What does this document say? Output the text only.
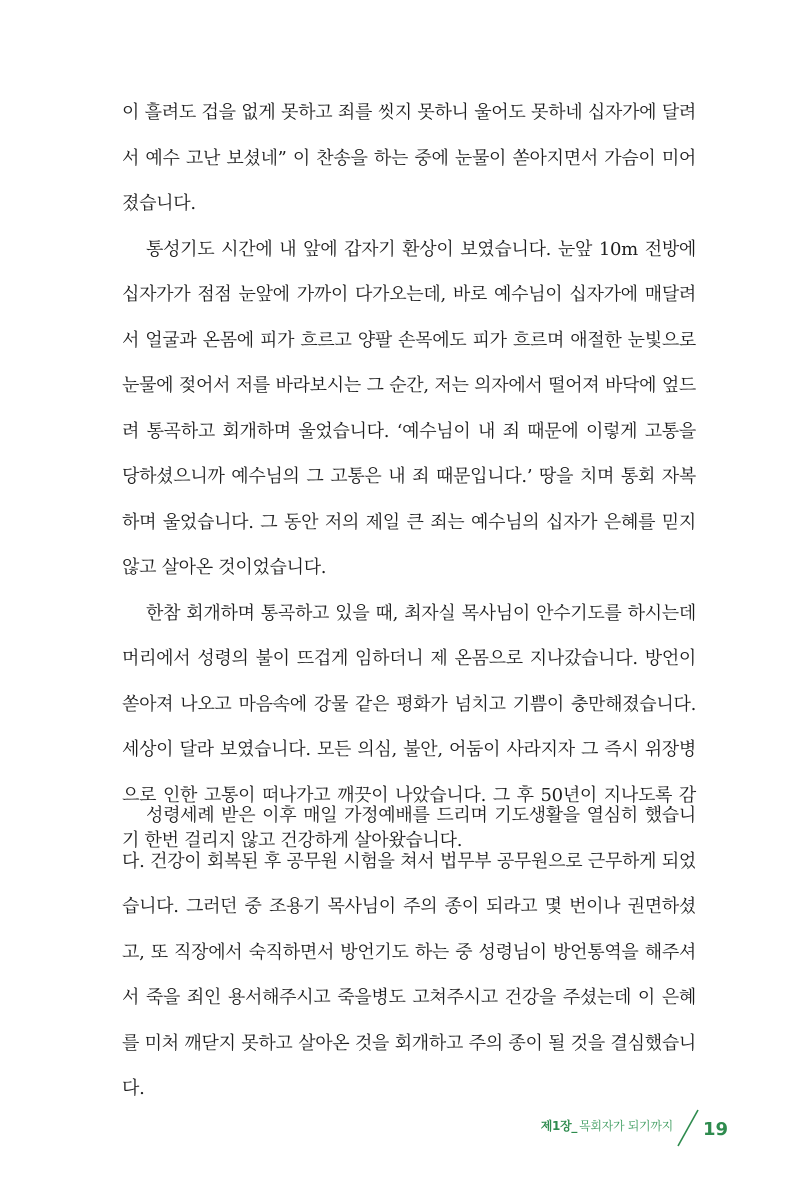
이 흘려도 겁을 없게 못하고 죄를 씻지 못하니 울어도 못하네 십자가에 달려서 예수 고난 보셨네” 이 찬송을 하는 중에 눈물이 쏟아지면서 가슴이 미어졌습니다.

통성기도 시간에 내 앞에 갑자기 환상이 보였습니다. 눈앞 10m 전방에 십자가가 점점 눈앞에 가까이 다가오는데, 바로 예수님이 십자가에 매달려서 얼굴과 온몸에 피가 흐르고 양팔 손목에도 피가 흐르며 애절한 눈빛으로 눈물에 젖어서 저를 바라보시는 그 순간, 저는 의자에서 떨어져 바닥에 엎드려 통곡하고 회개하며 울었습니다. ‘예수님이 내 죄 때문에 이렇게 고통을 당하셨으니까 예수님의 그 고통은 내 죄 때문입니다.’ 땅을 치며 통회 자복하며 울었습니다. 그 동안 저의 제일 큰 죄는 예수님의 십자가 은혜를 믿지 않고 살아온 것이었습니다.

한참 회개하며 통곡하고 있을 때, 최자실 목사님이 안수기도를 하시는데 머리에서 성령의 불이 뜨겁게 임하더니 제 온몸으로 지나갔습니다. 방언이 쏟아져 나오고 마음속에 강물 같은 평화가 넘치고 기쁨이 충만해졌습니다. 세상이 달라 보였습니다. 모든 의심, 불안, 어둠이 사라지자 그 즉시 위장병으로 인한 고통이 떠나가고 깨끗이 나았습니다. 그 후 50년이 지나도록 감기 한번 걸리지 않고 건강하게 살아왔습니다.

성령세례 받은 이후 매일 가정예배를 드리며 기도생활을 열심히 했습니다. 건강이 회복된 후 공무원 시험을 쳐서 법무부 공무원으로 근무하게 되었습니다. 그러던 중 조용기 목사님이 주의 종이 되라고 몇 번이나 권면하셨고, 또 직장에서 숙직하면서 방언기도 하는 중 성령님이 방언통역을 해주셔서 죽을 죄인 용서해주시고 죽을병도 고쳐주시고 건강을 주셨는데 이 은혜를 미처 깨닫지 못하고 살아온 것을 회개하고 주의 종이 될 것을 결심했습니다.

제1장_ 목회자가 되기까지 19
